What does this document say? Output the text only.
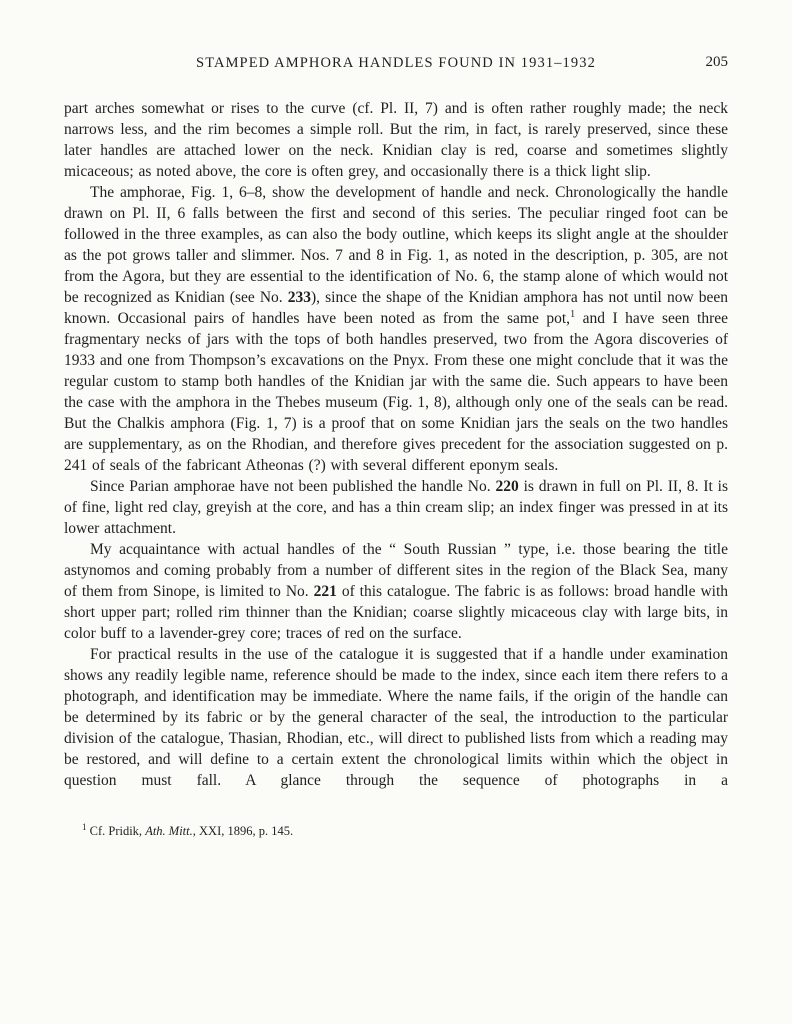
STAMPED AMPHORA HANDLES FOUND IN 1931–1932	205

part arches somewhat or rises to the curve (cf. Pl. II, 7) and is often rather roughly made; the neck narrows less, and the rim becomes a simple roll. But the rim, in fact, is rarely preserved, since these later handles are attached lower on the neck. Knidian clay is red, coarse and sometimes slightly micaceous; as noted above, the core is often grey, and occasionally there is a thick light slip.

The amphorae, Fig. 1, 6–8, show the development of handle and neck. Chronologically the handle drawn on Pl. II, 6 falls between the first and second of this series. The peculiar ringed foot can be followed in the three examples, as can also the body outline, which keeps its slight angle at the shoulder as the pot grows taller and slimmer. Nos. 7 and 8 in Fig. 1, as noted in the description, p. 305, are not from the Agora, but they are essential to the identification of No. 6, the stamp alone of which would not be recognized as Knidian (see No. 233), since the shape of the Knidian amphora has not until now been known. Occasional pairs of handles have been noted as from the same pot,$^1$ and I have seen three fragmentary necks of jars with the tops of both handles preserved, two from the Agora discoveries of 1933 and one from Thompson’s excavations on the Pnyx. From these one might conclude that it was the regular custom to stamp both handles of the Knidian jar with the same die. Such appears to have been the case with the amphora in the Thebes museum (Fig. 1, 8), although only one of the seals can be read. But the Chalkis amphora (Fig. 1, 7) is a proof that on some Knidian jars the seals on the two handles are supplementary, as on the Rhodian, and therefore gives precedent for the association suggested on p. 241 of seals of the fabricant Atheonas (?) with several different eponym seals.

Since Parian amphorae have not been published the handle No. 220 is drawn in full on Pl. II, 8. It is of fine, light red clay, greyish at the core, and has a thin cream slip; an index finger was pressed in at its lower attachment.

My acquaintance with actual handles of the “ South Russian ” type, i.e. those bearing the title astynomos and coming probably from a number of different sites in the region of the Black Sea, many of them from Sinope, is limited to No. 221 of this catalogue. The fabric is as follows: broad handle with short upper part; rolled rim thinner than the Knidian; coarse slightly micaceous clay with large bits, in color buff to a lavender-grey core; traces of red on the surface.

For practical results in the use of the catalogue it is suggested that if a handle under examination shows any readily legible name, reference should be made to the index, since each item there refers to a photograph, and identification may be immediate. Where the name fails, if the origin of the handle can be determined by its fabric or by the general character of the seal, the introduction to the particular division of the catalogue, Thasian, Rhodian, etc., will direct to published lists from which a reading may be restored, and will define to a certain extent the chronological limits within which the object in question must fall. A glance through the sequence of photographs in a

$^1$ Cf. Pridik, Ath. Mitt., XXI, 1896, p. 145.
